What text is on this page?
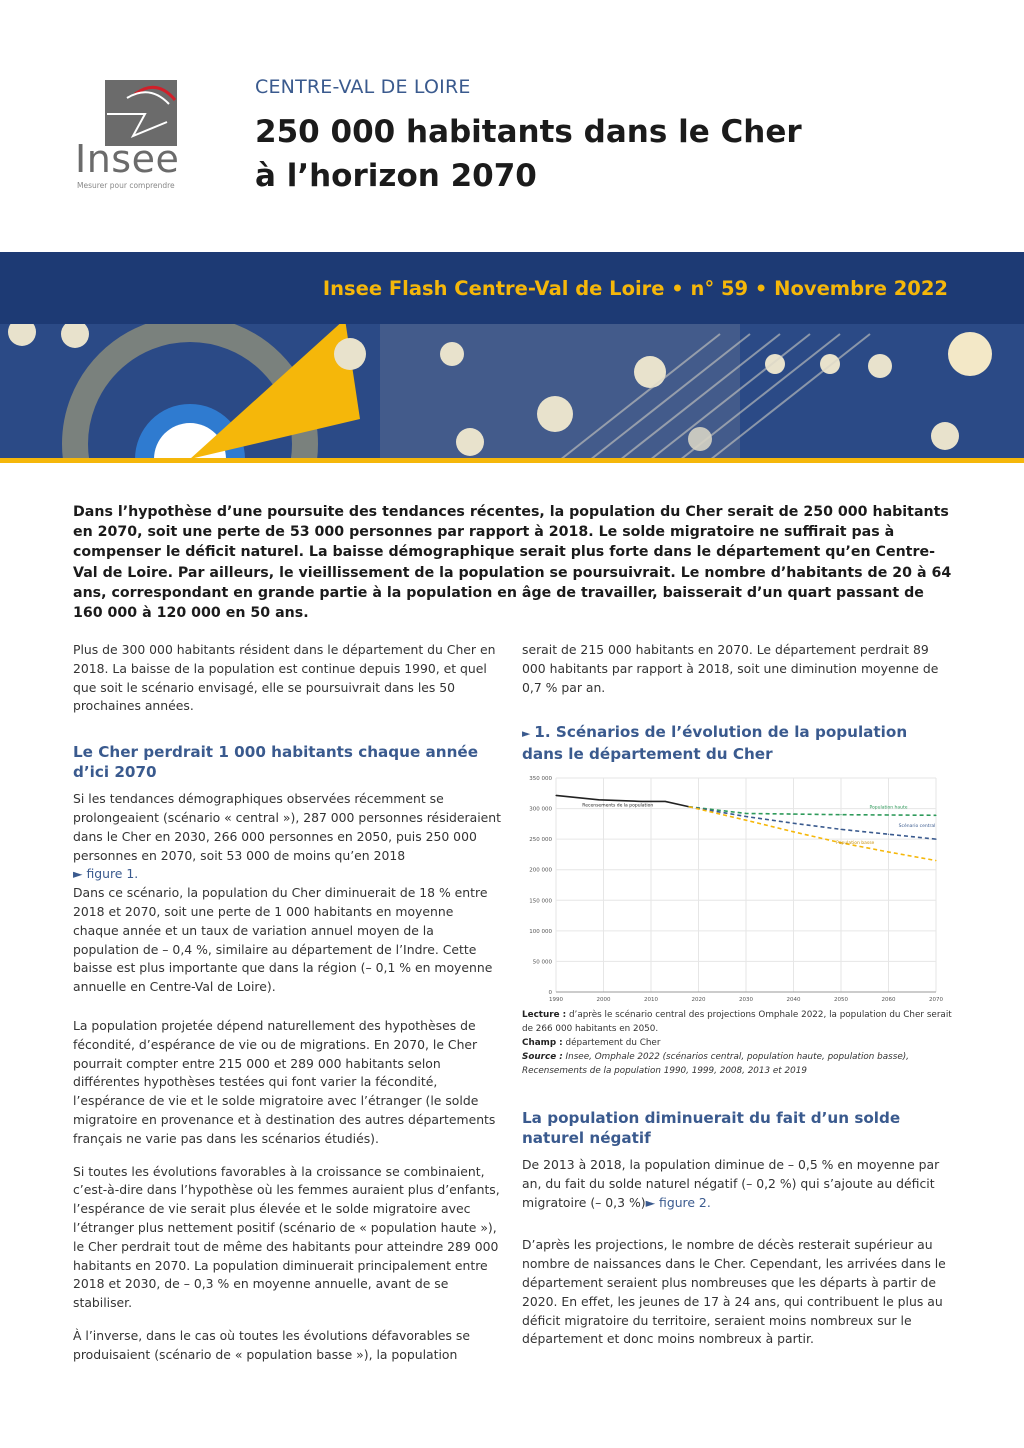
Insee
Mesurer pour comprendre
CENTRE-VAL DE LOIRE
250 000 habitants dans le Cher
à l’horizon 2070
Insee Flash Centre-Val de Loire • n° 59 • Novembre 2022
Dans l’hypothèse d’une poursuite des tendances récentes, la population du Cher serait de 250 000 habitants en 2070, soit une perte de 53 000 personnes par rapport à 2018. Le solde migratoire ne suffirait pas à compenser le déficit naturel. La baisse démographique serait plus forte dans le département qu’en Centre-Val de Loire. Par ailleurs, le vieillissement de la population se poursuivrait. Le nombre d’habitants de 20 à 64 ans, correspondant en grande partie à la population en âge de travailler, baisserait d’un quart passant de 160 000 à 120 000 en 50 ans.

Plus de 300 000 habitants résident dans le département du Cher en 2018. La baisse de la population est continue depuis 1990, et quel que soit le scénario envisagé, elle se poursuivrait dans les 50 prochaines années.

Le Cher perdrait 1 000 habitants chaque année d’ici 2070

Si les tendances démographiques observées récemment se prolongeaient (scénario « central »), 287 000 personnes résideraient dans le Cher en 2030, 266 000 personnes en 2050, puis 250 000 personnes en 2070, soit 53 000 de moins qu’en 2018
► figure 1.

Dans ce scénario, la population du Cher diminuerait de 18 % entre 2018 et 2070, soit une perte de 1 000 habitants en moyenne chaque année et un taux de variation annuel moyen de la population de – 0,4 %, similaire au département de l’Indre. Cette baisse est plus importante que dans la région (– 0,1 % en moyenne annuelle en Centre-Val de Loire).

La population projetée dépend naturellement des hypothèses de fécondité, d’espérance de vie ou de migrations. En 2070, le Cher pourrait compter entre 215 000 et 289 000 habitants selon différentes hypothèses testées qui font varier la fécondité, l’espérance de vie et le solde migratoire avec l’étranger (le solde migratoire en provenance et à destination des autres départements français ne varie pas dans les scénarios étudiés).

Si toutes les évolutions favorables à la croissance se combinaient, c’est-à-dire dans l’hypothèse où les femmes auraient plus d’enfants, l’espérance de vie serait plus élevée et le solde migratoire avec l’étranger plus nettement positif (scénario de « population haute »), le Cher perdrait tout de même des habitants pour atteindre 289 000 habitants en 2070. La population diminuerait principalement entre 2018 et 2030, de – 0,3 % en moyenne annuelle, avant de se stabiliser.

À l’inverse, dans le cas où toutes les évolutions défavorables se produisaient (scénario de « population basse »), la population

serait de 215 000 habitants en 2070. Le département perdrait 89 000 habitants par rapport à 2018, soit une diminution moyenne de 0,7 % par an.

► 1. Scénarios de l’évolution de la population dans le département du Cher
0
50 000
100 000
150 000
200 000
250 000
300 000
350 000
1990	2000	2010	2020	2030	2040	2050	2060	2070
Recensements de la population	Population haute
Scénario central
Population basse
Lecture : d’après le scénario central des projections Omphale 2022, la population du Cher serait de 266 000 habitants en 2050.
Champ : département du Cher
Source : Insee, Omphale 2022 (scénarios central, population haute, population basse), Recensements de la population 1990, 1999, 2008, 2013 et 2019
La population diminuerait du fait d’un solde naturel négatif

De 2013 à 2018, la population diminue de – 0,5 % en moyenne par an, du fait du solde naturel négatif (– 0,2 %) qui s’ajoute au déficit migratoire (– 0,3 %)► figure 2.

D’après les projections, le nombre de décès resterait supérieur au nombre de naissances dans le Cher. Cependant, les arrivées dans le département seraient plus nombreuses que les départs à partir de 2020. En effet, les jeunes de 17 à 24 ans, qui contribuent le plus au déficit migratoire du territoire, seraient moins nombreux sur le département et donc moins nombreux à partir.
